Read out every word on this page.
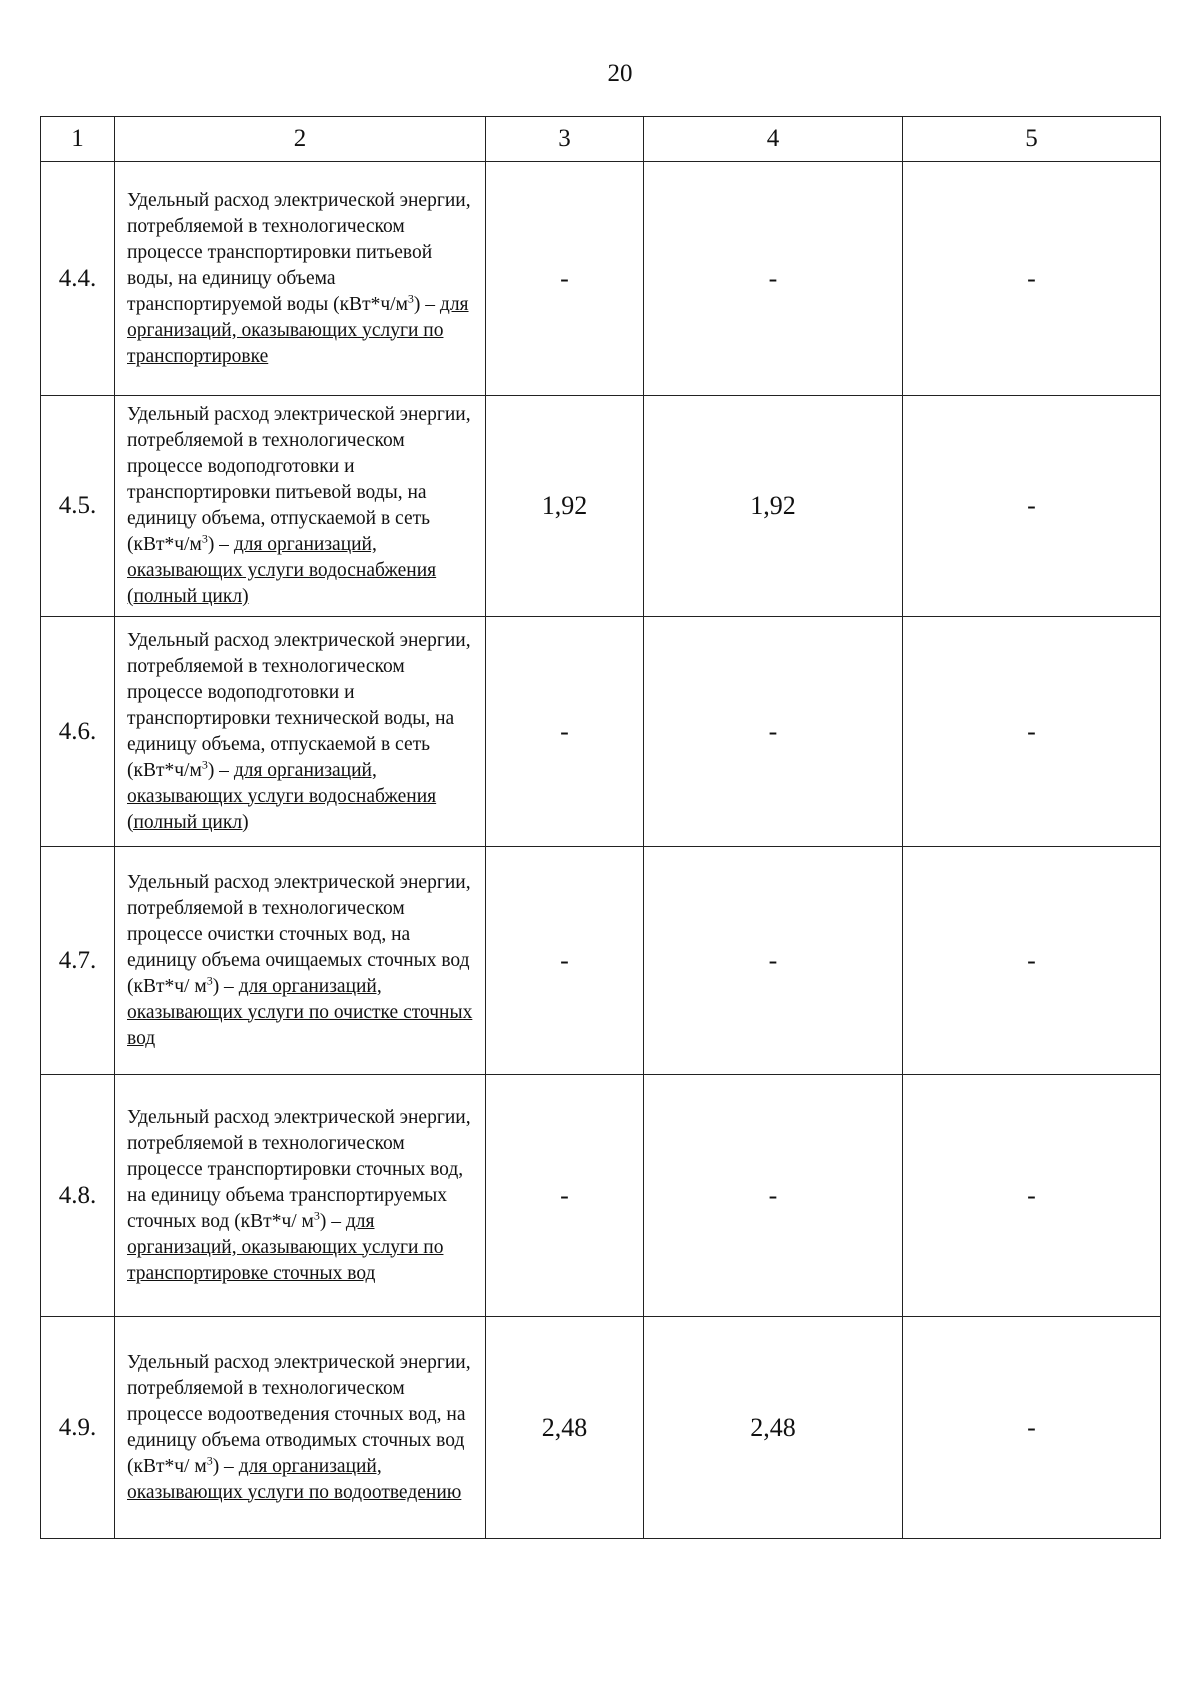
20
1	2	3	4	5
4.4.	Удельный расход электрической энергии, потребляемой в технологическом процессе транспортировки питьевой воды, на единицу объема транспортируемой воды $(кВт*ч/м^3)$ – для организаций, оказывающих услуги по транспортировке	-	-	-
4.5.	Удельный расход электрической энергии, потребляемой в технологическом процессе водоподготовки и транспортировки питьевой воды, на единицу объема, отпускаемой в сеть $(кВт*ч/м^3)$ – для организаций, оказывающих услуги водоснабжения (полный цикл)	1,92	1,92	-
4.6.	Удельный расход электрической энергии, потребляемой в технологическом процессе водоподготовки и транспортировки технической воды, на единицу объема, отпускаемой в сеть $(кВт*ч/м^3)$ – для организаций, оказывающих услуги водоснабжения (полный цикл)	-	-	-
4.7.	Удельный расход электрической энергии, потребляемой в технологическом процессе очистки сточных вод, на единицу объема очищаемых сточных вод (кВт*ч/ $м^3$) – для организаций, оказывающих услуги по очистке сточных вод	-	-	-
4.8.	Удельный расход электрической энергии, потребляемой в технологическом процессе транспортировки сточных вод, на единицу объема транспортируемых сточных вод (кВт*ч/ $м^3$) – для организаций, оказывающих услуги по транспортировке сточных вод	-	-	-
4.9.	Удельный расход электрической энергии, потребляемой в технологическом процессе водоотведения сточных вод, на единицу объема отводимых сточных вод (кВт*ч/ $м^3$) – для организаций, оказывающих услуги по водоотведению	2,48	2,48	-
